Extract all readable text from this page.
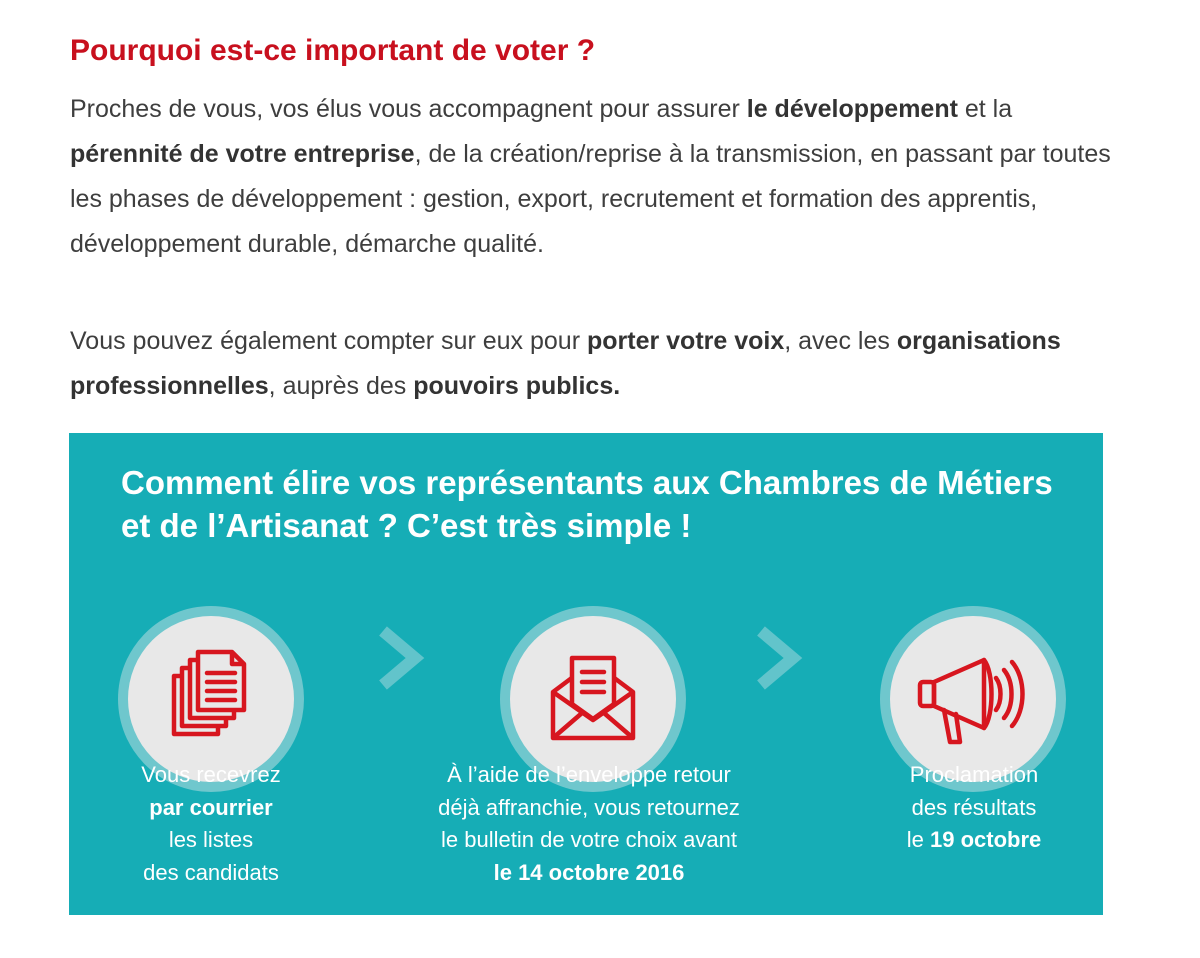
Pourquoi est-ce important de voter ?

Proches de vous, vos élus vous accompagnent pour assurer le développement et la pérennité de votre entreprise, de la création/reprise à la transmission, en passant par toutes les phases de développement : gestion, export, recrutement et formation des apprentis, développement durable, démarche qualité.

Vous pouvez également compter sur eux pour porter votre voix, avec les organisations professionnelles, auprès des pouvoirs publics.

Comment élire vos représentants aux Chambres de Métiers et de l’Artisanat ? C’est très simple !

Vous recevrez
par courrier
les listes
des candidats

À l’aide de l’enveloppe retour
déjà affranchie, vous retournez
le bulletin de votre choix avant
le 14 octobre 2016

Proclamation
des résultats
le 19 octobre
